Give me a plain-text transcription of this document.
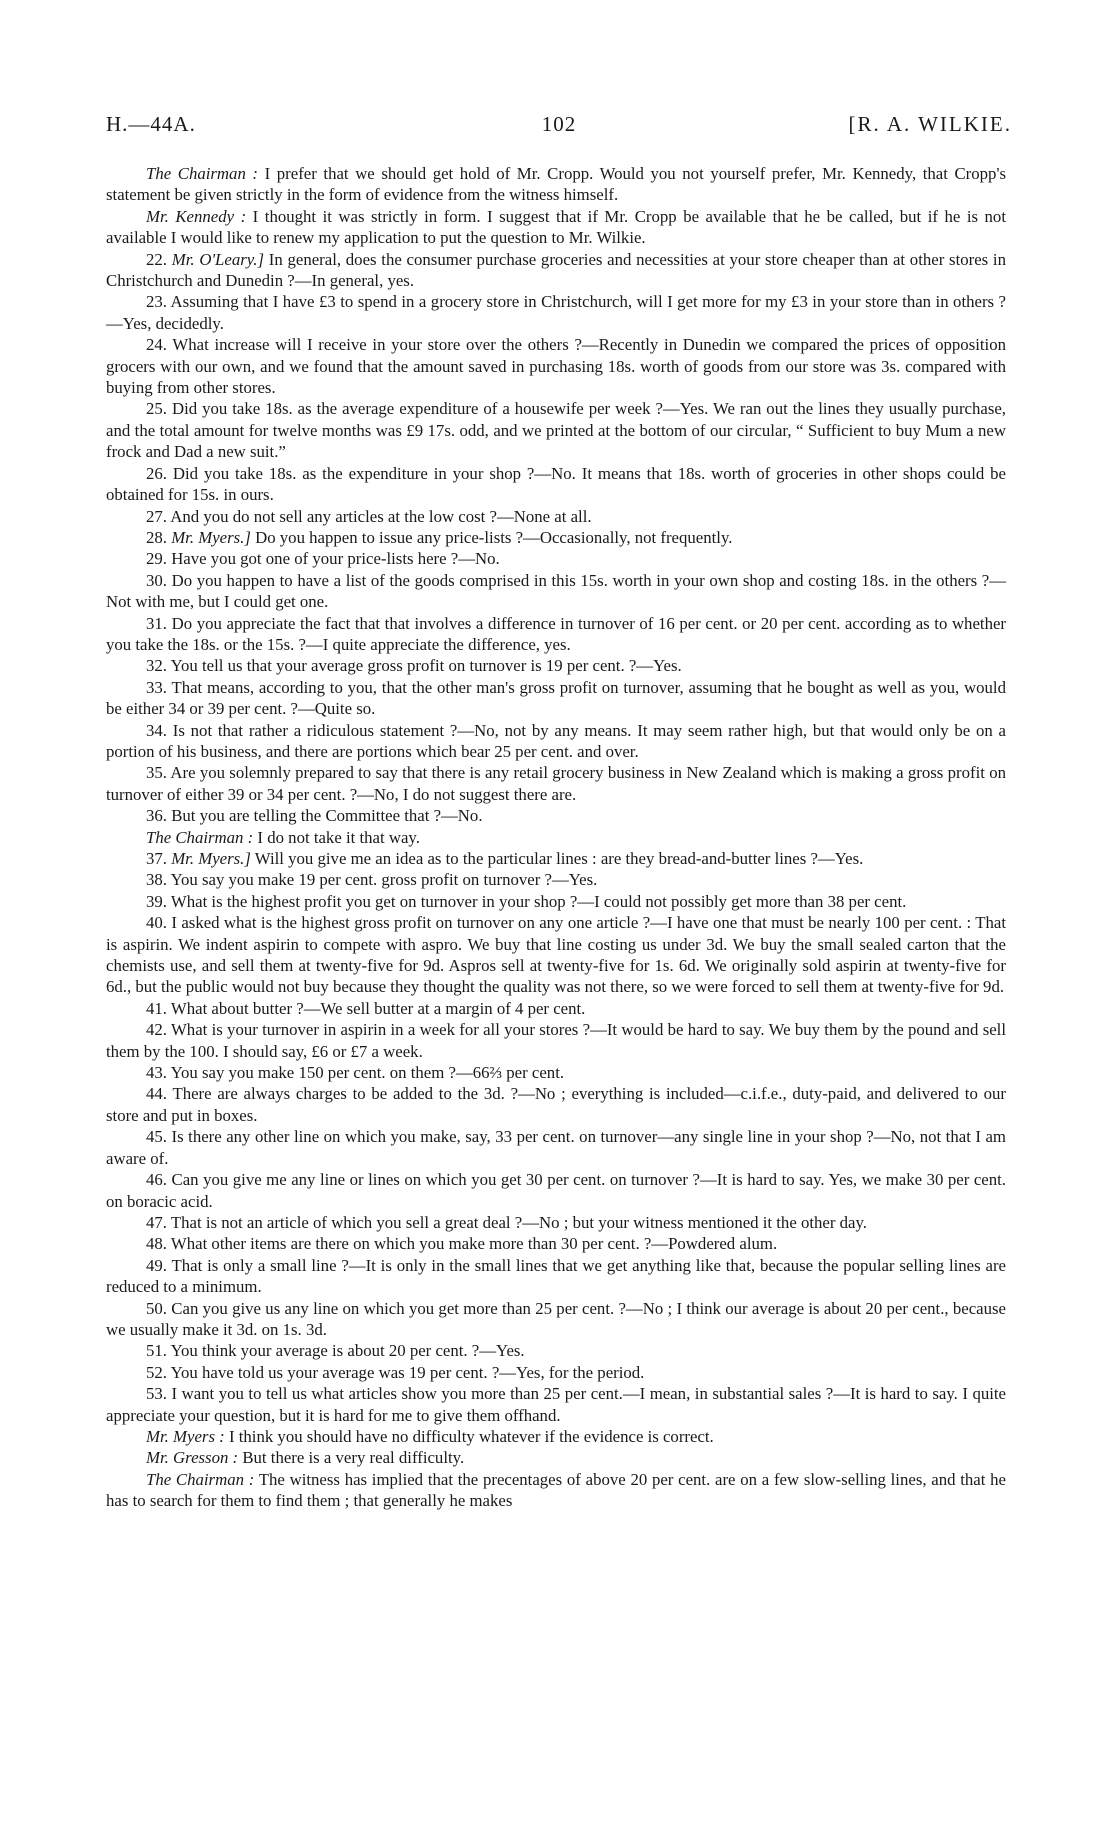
H.—44A.	102	[R. A. WILKIE.

The Chairman : I prefer that we should get hold of Mr. Cropp. Would you not yourself prefer, Mr. Kennedy, that Cropp's statement be given strictly in the form of evidence from the witness himself.

Mr. Kennedy : I thought it was strictly in form. I suggest that if Mr. Cropp be available that he be called, but if he is not available I would like to renew my application to put the question to Mr. Wilkie.

22. Mr. O'Leary.] In general, does the consumer purchase groceries and necessities at your store cheaper than at other stores in Christchurch and Dunedin ?—In general, yes.

23. Assuming that I have £3 to spend in a grocery store in Christchurch, will I get more for my £3 in your store than in others ?—Yes, decidedly.

24. What increase will I receive in your store over the others ?—Recently in Dunedin we compared the prices of opposition grocers with our own, and we found that the amount saved in purchasing 18s. worth of goods from our store was 3s. compared with buying from other stores.

25. Did you take 18s. as the average expenditure of a housewife per week ?—Yes. We ran out the lines they usually purchase, and the total amount for twelve months was £9 17s. odd, and we printed at the bottom of our circular, “ Sufficient to buy Mum a new frock and Dad a new suit.”

26. Did you take 18s. as the expenditure in your shop ?—No. It means that 18s. worth of groceries in other shops could be obtained for 15s. in ours.

27. And you do not sell any articles at the low cost ?—None at all.

28. Mr. Myers.] Do you happen to issue any price-lists ?—Occasionally, not frequently.

29. Have you got one of your price-lists here ?—No.

30. Do you happen to have a list of the goods comprised in this 15s. worth in your own shop and costing 18s. in the others ?—Not with me, but I could get one.

31. Do you appreciate the fact that that involves a difference in turnover of 16 per cent. or 20 per cent. according as to whether you take the 18s. or the 15s. ?—I quite appreciate the difference, yes.

32. You tell us that your average gross profit on turnover is 19 per cent. ?—Yes.

33. That means, according to you, that the other man's gross profit on turnover, assuming that he bought as well as you, would be either 34 or 39 per cent. ?—Quite so.

34. Is not that rather a ridiculous statement ?—No, not by any means. It may seem rather high, but that would only be on a portion of his business, and there are portions which bear 25 per cent. and over.

35. Are you solemnly prepared to say that there is any retail grocery business in New Zealand which is making a gross profit on turnover of either 39 or 34 per cent. ?—No, I do not suggest there are.

36. But you are telling the Committee that ?—No.

The Chairman : I do not take it that way.

37. Mr. Myers.] Will you give me an idea as to the particular lines : are they bread-and-butter lines ?—Yes.

38. You say you make 19 per cent. gross profit on turnover ?—Yes.

39. What is the highest profit you get on turnover in your shop ?—I could not possibly get more than 38 per cent.

40. I asked what is the highest gross profit on turnover on any one article ?—I have one that must be nearly 100 per cent. : That is aspirin. We indent aspirin to compete with aspro. We buy that line costing us under 3d. We buy the small sealed carton that the chemists use, and sell them at twenty-five for 9d. Aspros sell at twenty-five for 1s. 6d. We originally sold aspirin at twenty-five for 6d., but the public would not buy because they thought the quality was not there, so we were forced to sell them at twenty-five for 9d.

41. What about butter ?—We sell butter at a margin of 4 per cent.

42. What is your turnover in aspirin in a week for all your stores ?—It would be hard to say. We buy them by the pound and sell them by the 100. I should say, £6 or £7 a week.

43. You say you make 150 per cent. on them ?—66⅔ per cent.

44. There are always charges to be added to the 3d. ?—No ; everything is included—c.i.f.e., duty-paid, and delivered to our store and put in boxes.

45. Is there any other line on which you make, say, 33 per cent. on turnover—any single line in your shop ?—No, not that I am aware of.

46. Can you give me any line or lines on which you get 30 per cent. on turnover ?—It is hard to say. Yes, we make 30 per cent. on boracic acid.

47. That is not an article of which you sell a great deal ?—No ; but your witness mentioned it the other day.

48. What other items are there on which you make more than 30 per cent. ?—Powdered alum.

49. That is only a small line ?—It is only in the small lines that we get anything like that, because the popular selling lines are reduced to a minimum.

50. Can you give us any line on which you get more than 25 per cent. ?—No ; I think our average is about 20 per cent., because we usually make it 3d. on 1s. 3d.

51. You think your average is about 20 per cent. ?—Yes.

52. You have told us your average was 19 per cent. ?—Yes, for the period.

53. I want you to tell us what articles show you more than 25 per cent.—I mean, in substantial sales ?—It is hard to say. I quite appreciate your question, but it is hard for me to give them offhand.

Mr. Myers : I think you should have no difficulty whatever if the evidence is correct.

Mr. Gresson : But there is a very real difficulty.

The Chairman : The witness has implied that the precentages of above 20 per cent. are on a few slow-selling lines, and that he has to search for them to find them ; that generally he makes
